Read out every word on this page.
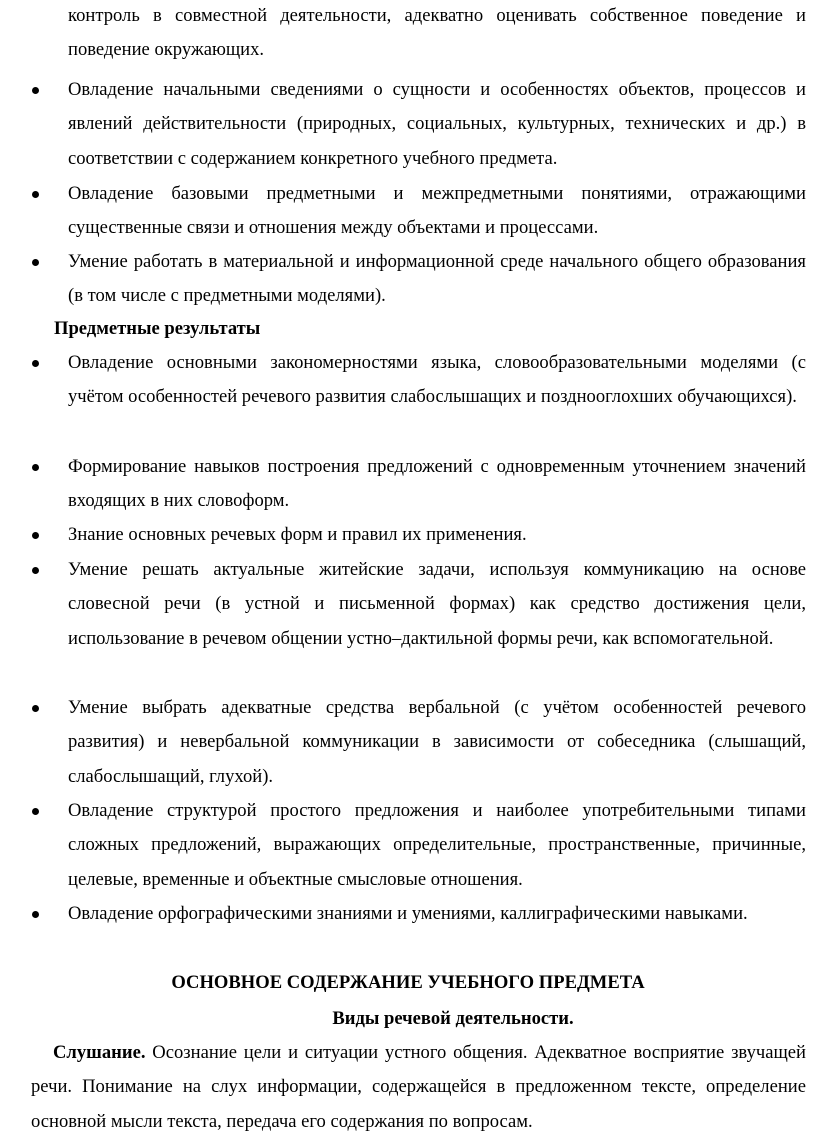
контроль в совместной деятельности, адекватно оценивать собственное поведение и поведение окружающих.
Овладение начальными сведениями о сущности и особенностях объектов, процессов и явлений действительности (природных, социальных, культурных, технических и др.) в соответствии с содержанием конкретного учебного предмета.
Овладение базовыми предметными и межпредметными понятиями, отражающими существенные связи и отношения между объектами и процессами.
Умение работать в материальной и информационной среде начального общего образования (в том числе с предметными моделями).
Предметные результаты
Овладение основными закономерностями языка, словообразовательными моделями (с учётом особенностей речевого развития слабослышащих и позднооглохших обучающихся).
Формирование навыков построения предложений с одновременным уточнением значений входящих в них словоформ.
Знание основных речевых форм и правил их применения.
Умение решать актуальные житейские задачи, используя коммуникацию на основе словесной речи (в устной и письменной формах) как средство достижения цели, использование в речевом общении устно–дактильной формы речи, как вспомогательной.
Умение выбрать адекватные средства вербальной (с учётом особенностей речевого развития) и невербальной коммуникации в зависимости от собеседника (слышащий, слабослышащий, глухой).
Овладение структурой простого предложения и наиболее употребительными типами сложных предложений, выражающих определительные, пространственные, причинные, целевые, временные и объектные смысловые отношения.
Овладение орфографическими знаниями и умениями, каллиграфическими навыками.
ОСНОВНОЕ СОДЕРЖАНИЕ УЧЕБНОГО ПРЕДМЕТА
Виды речевой деятельности.
Слушание. Осознание цели и ситуации устного общения. Адекватное восприятие звучащей речи. Понимание на слух информации, содержащейся в предложенном тексте, определение основной мысли текста, передача его содержания по вопросам.
